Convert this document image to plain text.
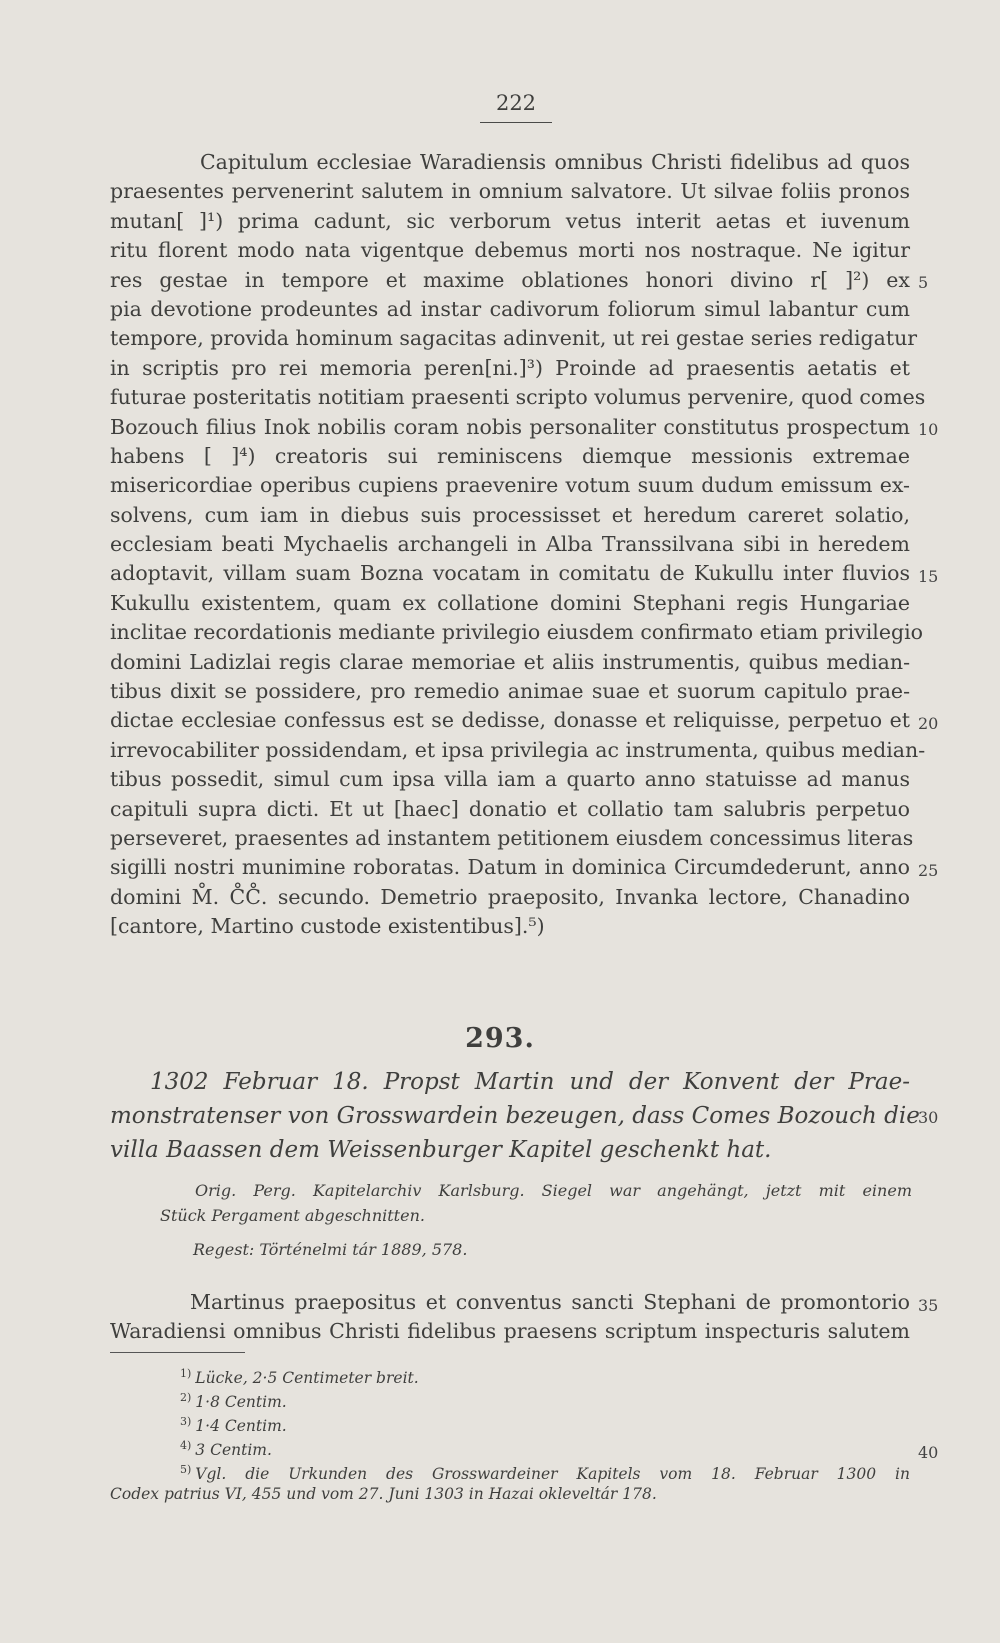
222
Capitulum ecclesiae Waradiensis omnibus Christi fidelibus ad quos
praesentes pervenerint salutem in omnium salvatore. Ut silvae foliis pronos
mutan[ ]¹) prima cadunt, sic verborum vetus interit aetas et iuvenum
ritu florent modo nata vigentque debemus morti nos nostraque. Ne igitur
res gestae in tempore et maxime oblationes honori divino r[ ]²) ex
pia devotione prodeuntes ad instar cadivorum foliorum simul labantur cum
tempore, provida hominum sagacitas adinvenit, ut rei gestae series redigatur
in scriptis pro rei memoria peren[ni.]³) Proinde ad praesentis aetatis et
futurae posteritatis notitiam praesenti scripto volumus pervenire, quod comes
Bozouch filius Inok nobilis coram nobis personaliter constitutus prospectum
habens [ ]⁴) creatoris sui reminiscens diemque messionis extremae
misericordiae operibus cupiens praevenire votum suum dudum emissum ex-
solvens, cum iam in diebus suis processisset et heredum careret solatio,
ecclesiam beati Mychaelis archangeli in Alba Transsilvana sibi in heredem
adoptavit, villam suam Bozna vocatam in comitatu de Kukullu inter fluvios
Kukullu existentem, quam ex collatione domini Stephani regis Hungariae
inclitae recordationis mediante privilegio eiusdem confirmato etiam privilegio
domini Ladizlai regis clarae memoriae et aliis instrumentis, quibus median-
tibus dixit se possidere, pro remedio animae suae et suorum capitulo prae-
dictae ecclesiae confessus est se dedisse, donasse et reliquisse, perpetuo et
irrevocabiliter possidendam, et ipsa privilegia ac instrumenta, quibus median-
tibus possedit, simul cum ipsa villa iam a quarto anno statuisse ad manus
capituli supra dicti. Et ut [haec] donatio et collatio tam salubris perpetuo
perseveret, praesentes ad instantem petitionem eiusdem concessimus literas
sigilli nostri munimine roboratas. Datum in dominica Circumdederunt, anno
domini M̊. C̊C̊. secundo. Demetrio praeposito, Invanka lectore, Chanadino
[cantore, Martino custode existentibus].⁵)
293.
1302 Februar 18. Propst Martin und der Konvent der Prae-
monstratenser von Grosswardein bezeugen, dass Comes Bozouch die
villa Baassen dem Weissenburger Kapitel geschenkt hat.
Orig. Perg. Kapitelarchiv Karlsburg. Siegel war angehängt, jetzt mit einem
Stück Pergament abgeschnitten.
Regest: Történelmi tár 1889, 578.
Martinus praepositus et conventus sancti Stephani de promontorio
Waradiensi omnibus Christi fidelibus praesens scriptum inspecturis salutem
$^{1)}$ Lücke, 2·5 Centimeter breit.
$^{2)}$ 1·8 Centim.
$^{3)}$ 1·4 Centim.
$^{4)}$ 3 Centim.
$^{5)}$ Vgl. die Urkunden des Grosswardeiner Kapitels vom 18. Februar 1300 in
Codex patrius VI, 455 und vom 27. Juni 1303 in Hazai okleveltár 178.
5
10
15
20
25
30
35
40
